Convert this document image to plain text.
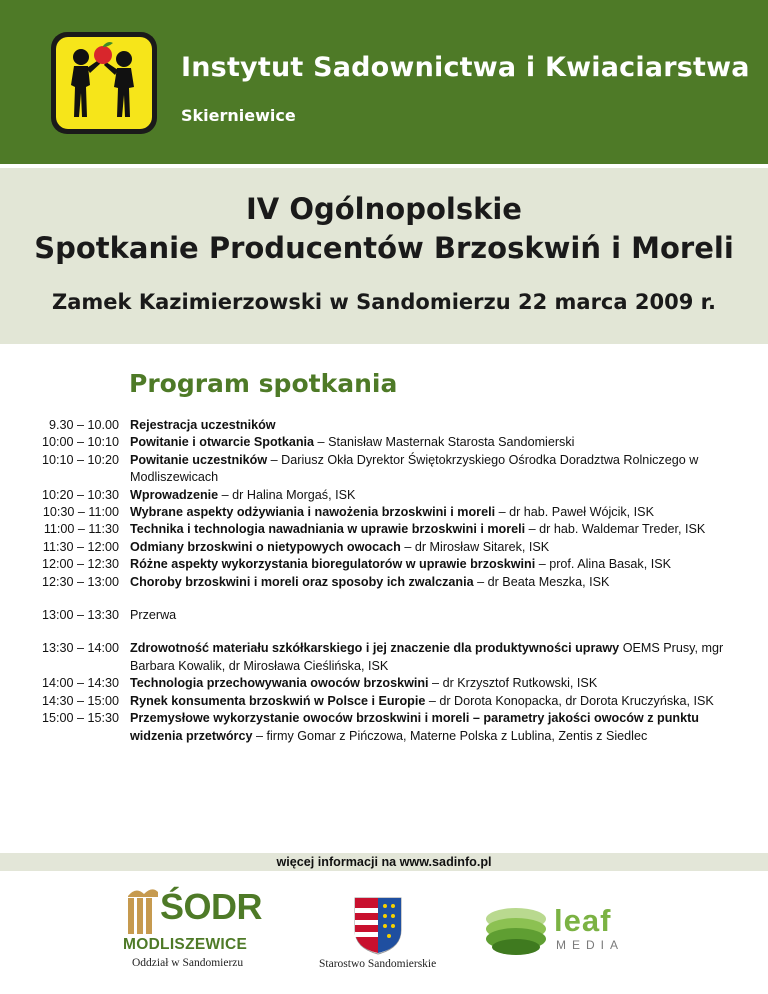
Instytut Sadownictwa i Kwiaciarstwa
Skierniewice
IV Ogólnopolskie
Spotkanie Producentów Brzoskwiń i Moreli
Zamek Kazimierzowski w Sandomierzu 22 marca 2009 r.
Program spotkania
9.30 – 10.00 Rejestracja uczestników
10:00 – 10:10 Powitanie i otwarcie Spotkania – Stanisław Masternak Starosta Sandomierski
10:10 – 10:20 Powitanie uczestników – Dariusz Okła Dyrektor Świętokrzyskiego Ośrodka Doradztwa Rolniczego w Modliszewicach
10:20 – 10:30 Wprowadzenie – dr Halina Morgaś, ISK
10:30 – 11:00 Wybrane aspekty odżywiania i nawożenia brzoskwini i moreli – dr hab. Paweł Wójcik, ISK
11:00 – 11:30 Technika i technologia nawadniania w uprawie brzoskwini i moreli – dr hab. Waldemar Treder, ISK
11:30 – 12:00 Odmiany brzoskwini o nietypowych owocach – dr Mirosław Sitarek, ISK
12:00 – 12:30 Różne aspekty wykorzystania bioregulatorów w uprawie brzoskwini – prof. Alina Basak, ISK
12:30 – 13:00 Choroby brzoskwini i moreli oraz sposoby ich zwalczania – dr Beata Meszka, ISK
13:00 – 13:30 Przerwa
13:30 – 14:00 Zdrowotność materiału szkółkarskiego i jej znaczenie dla produktywności uprawy OEMS Prusy, mgr Barbara Kowalik, dr Mirosława Cieślińska, ISK
14:00 – 14:30 Technologia przechowywania owoców brzoskwini – dr Krzysztof Rutkowski, ISK
14:30 – 15:00 Rynek konsumenta brzoskwiń w Polsce i Europie – dr Dorota Konopacka, dr Dorota Kruczyńska, ISK
15:00 – 15:30 Przemysłowe wykorzystanie owoców brzoskwini i moreli – parametry jakości owoców z punktu widzenia przetwórcy – firmy Gomar z Pińczowa, Materne Polska z Lublina, Zentis z Siedlec
więcej informacji na www.sadinfo.pl
ŚODR
MODLISZEWICE
Oddział w Sandomierzu	Starostwo Sandomierskie
leaf
MEDIA
